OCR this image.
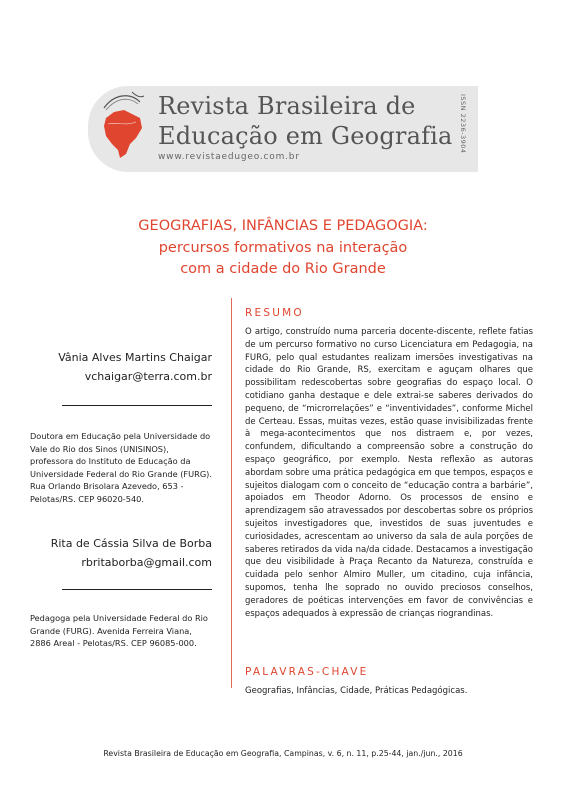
Revista Brasileira de
Educação em Geografia
www.revistaedugeo.com.br
ISSN 2236-3904
GEOGRAFIAS, INFÂNCIAS E PEDAGOGIA:
percursos formativos na interação
com a cidade do Rio Grande
Vânia Alves Martins Chaigar
vchaigar@terra.com.br
Doutora em Educação pela Universidade do Vale do Rio dos Sinos (UNISINOS), professora do Instituto de Educação da Universidade Federal do Rio Grande (FURG). Rua Orlando Brisolara Azevedo, 653 - Pelotas/RS. CEP 96020-540.
Rita de Cássia Silva de Borba
rbritaborba@gmail.com
Pedagoga pela Universidade Federal do Rio Grande (FURG). Avenida Ferreira Viana, 2886 Areal - Pelotas/RS. CEP 96085-000.
RESUMO
O artigo, construído numa parceria docente-discente, reflete fatias de um percurso formativo no curso Licenciatura em Pedagogia, na FURG, pelo qual estudantes realizam imersões investigativas na cidade do Rio Grande, RS, exercitam e aguçam olhares que possibilitam redescobertas sobre geografias do espaço local. O cotidiano ganha destaque e dele extrai-se saberes derivados do pequeno, de “microrrelações” e “inventividades”, conforme Michel de Certeau. Essas, muitas vezes, estão quase invisibilizadas frente à mega-acontecimentos que nos distraem e, por vezes, confundem, dificultando a compreensão sobre a construção do espaço geográfico, por exemplo. Nesta reflexão as autoras abordam sobre uma prática pedagógica em que tempos, espaços e sujeitos dialogam com o conceito de “educação contra a barbárie”, apoiados em Theodor Adorno. Os processos de ensino e aprendizagem são atravessados por descobertas sobre os próprios sujeitos investigadores que, investidos de suas juventudes e curiosidades, acrescentam ao universo da sala de aula porções de saberes retirados da vida na/da cidade. Destacamos a investigação que deu visibilidade à Praça Recanto da Natureza, construída e cuidada pelo senhor Almiro Muller, um citadino, cuja infância, supomos, tenha lhe soprado no ouvido preciosos conselhos, geradores de poéticas intervenções em favor de convivências e espaços adequados à expressão de crianças riograndinas.
PALAVRAS-CHAVE
Geografias, Infâncias, Cidade, Práticas Pedagógicas.
Revista Brasileira de Educação em Geografia, Campinas, v. 6, n. 11, p.25-44, jan./jun., 2016
